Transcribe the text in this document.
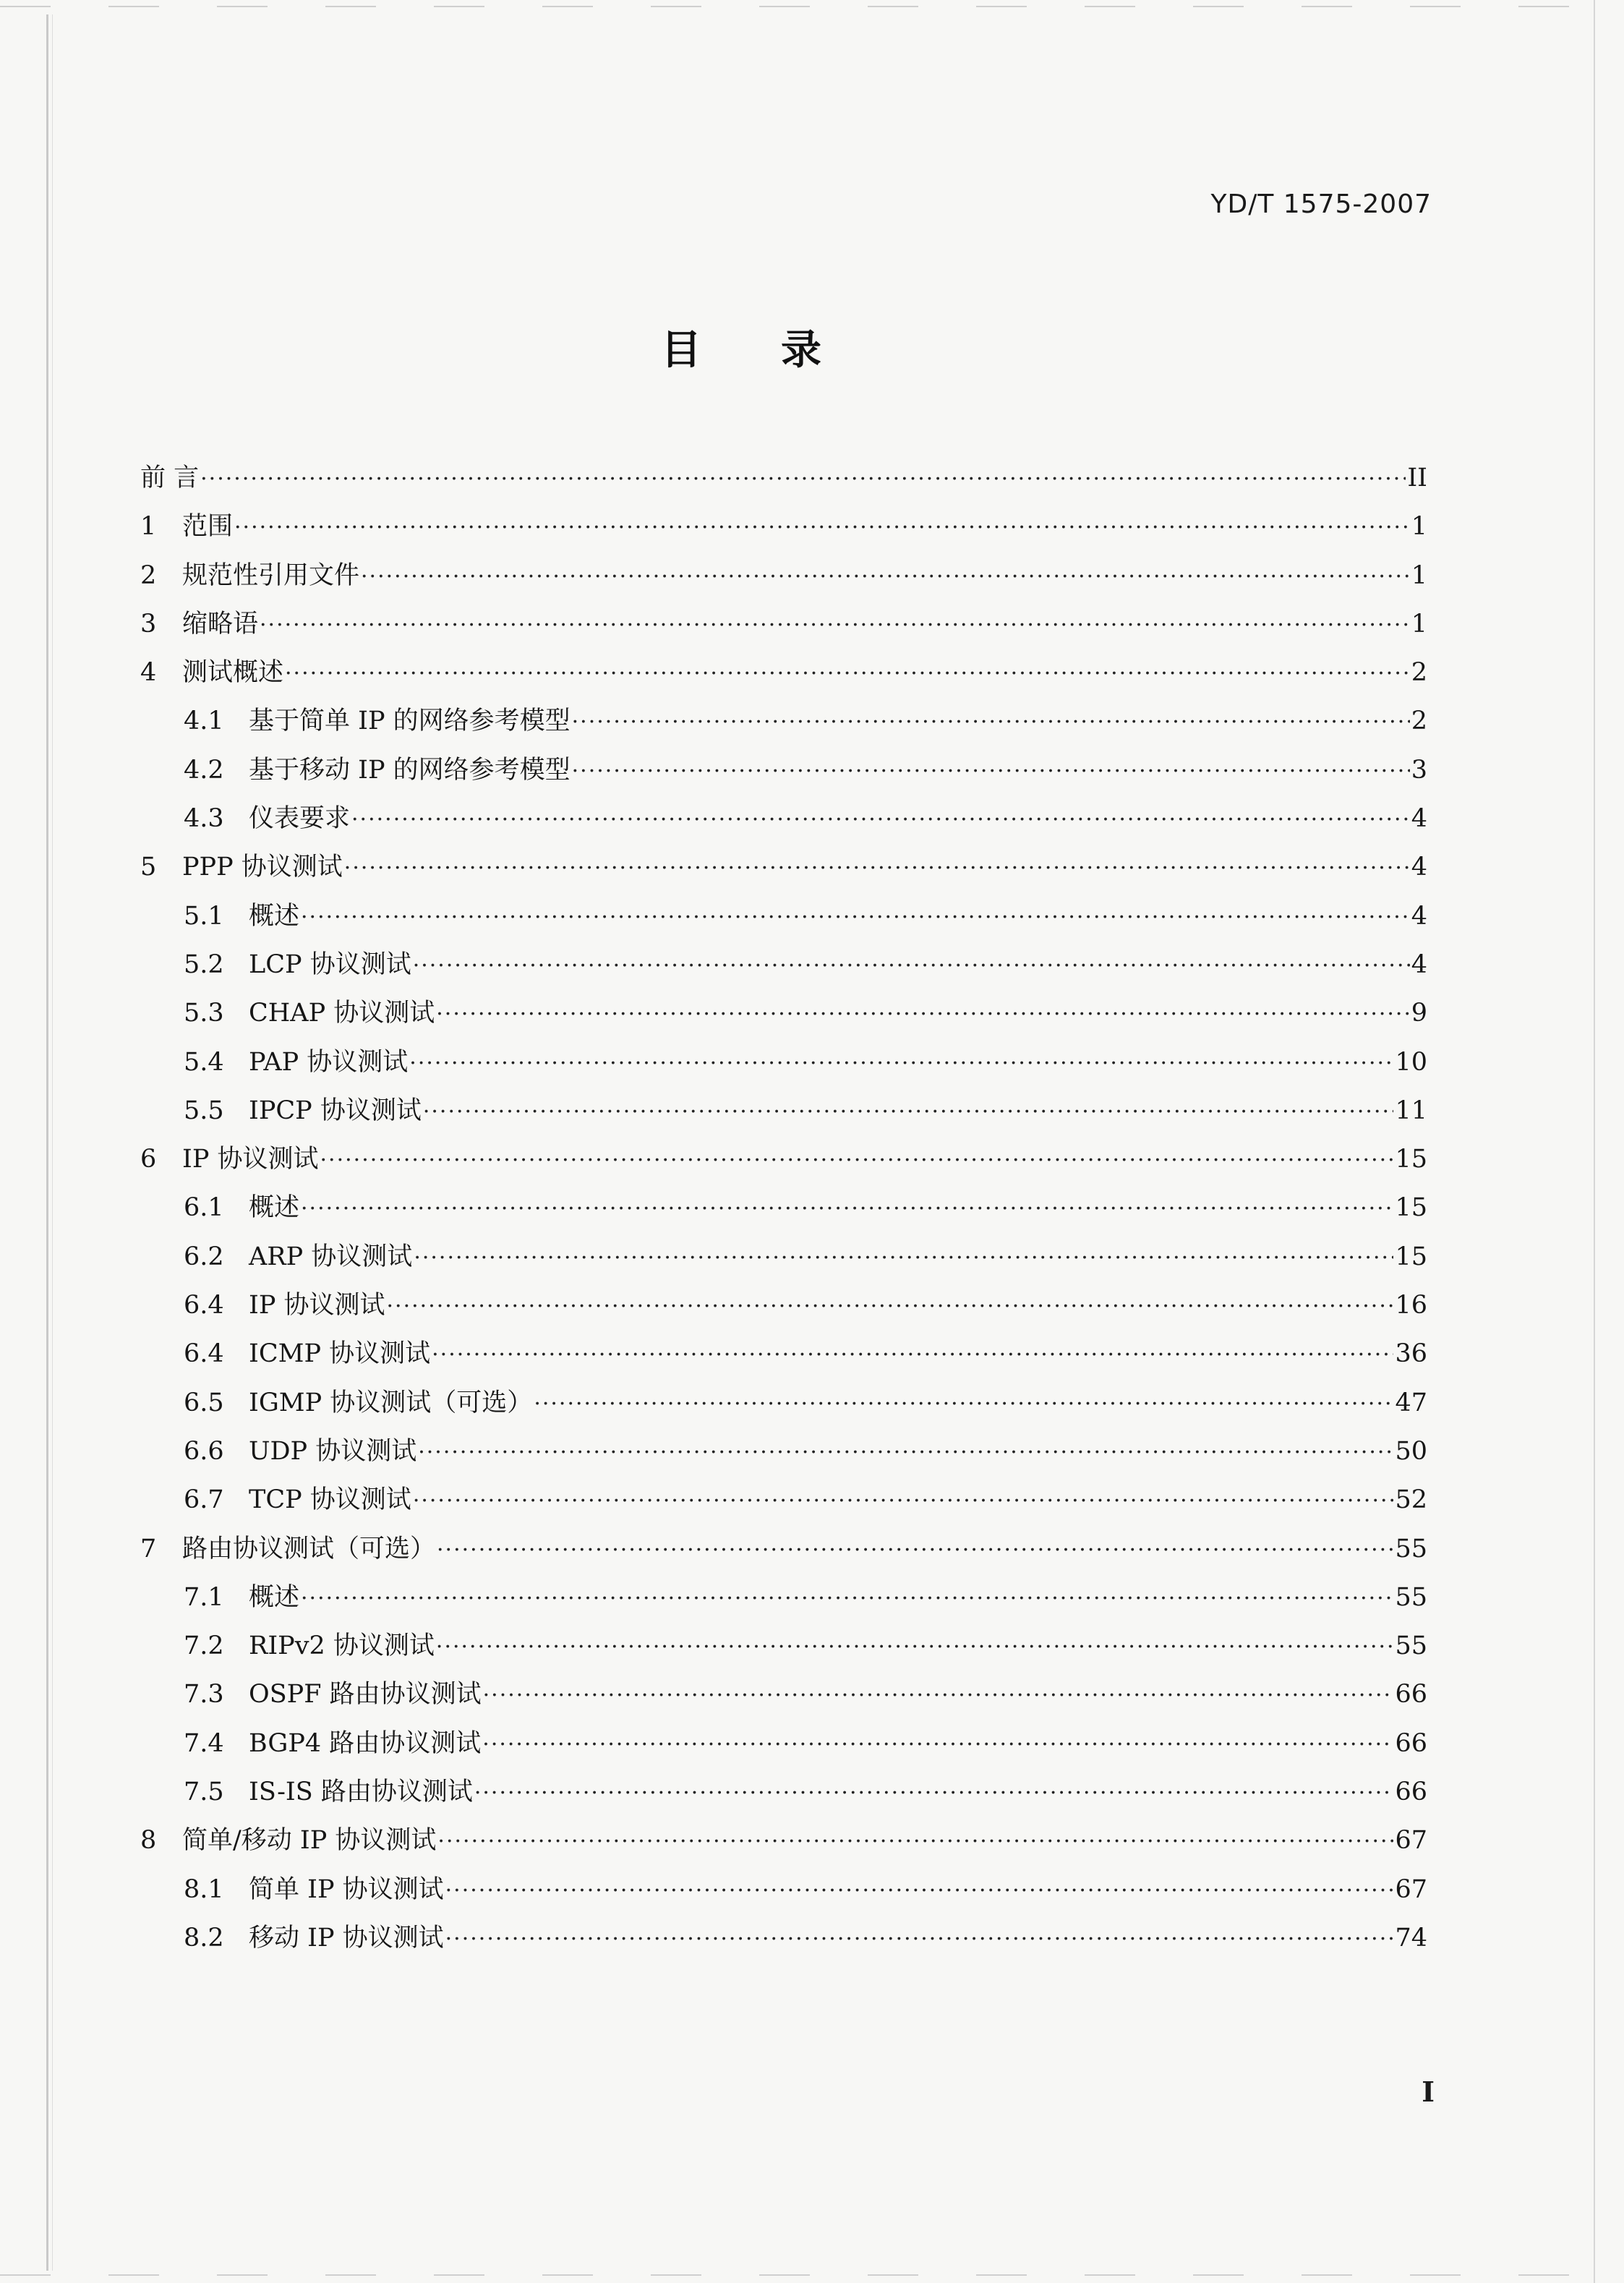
YD/T 1575-2007
目录
前 言 ·····	II
1	范围 ·····	1
2	规范性引用文件 ·····	1
3	缩略语 ·····	1
4	测试概述 ·····	2
4.1 基于简单 IP 的网络参考模型 ·····	2
4.2 基于移动 IP 的网络参考模型 ·····	3
4.3 仪表要求 ·····	4
5	PPP 协议测试 ·····	4
5.1 概述 ·····	4
5.2 LCP 协议测试 ·····	4
5.3 CHAP 协议测试 ·····	9
5.4 PAP 协议测试 ·····	10
5.5 IPCP 协议测试 ·····	11
6	IP 协议测试 ·····	15
6.1 概述 ·····	15
6.2 ARP 协议测试 ·····	15
6.4 IP 协议测试 ·····	16
6.4 ICMP 协议测试 ·····	36
6.5 IGMP 协议测试（可选） ·····	47
6.6 UDP 协议测试 ·····	50
6.7 TCP 协议测试 ·····	52
7	路由协议测试（可选） ·····	55
7.1 概述 ·····	55
7.2 RIPv2 协议测试 ·····	55
7.3 OSPF 路由协议测试 ·····	66
7.4 BGP4 路由协议测试 ·····	66
7.5 IS-IS 路由协议测试 ·····	66
8	简单/移动 IP 协议测试 ·····	67
8.1 简单 IP 协议测试 ·····	67
8.2 移动 IP 协议测试 ·····	74
I
